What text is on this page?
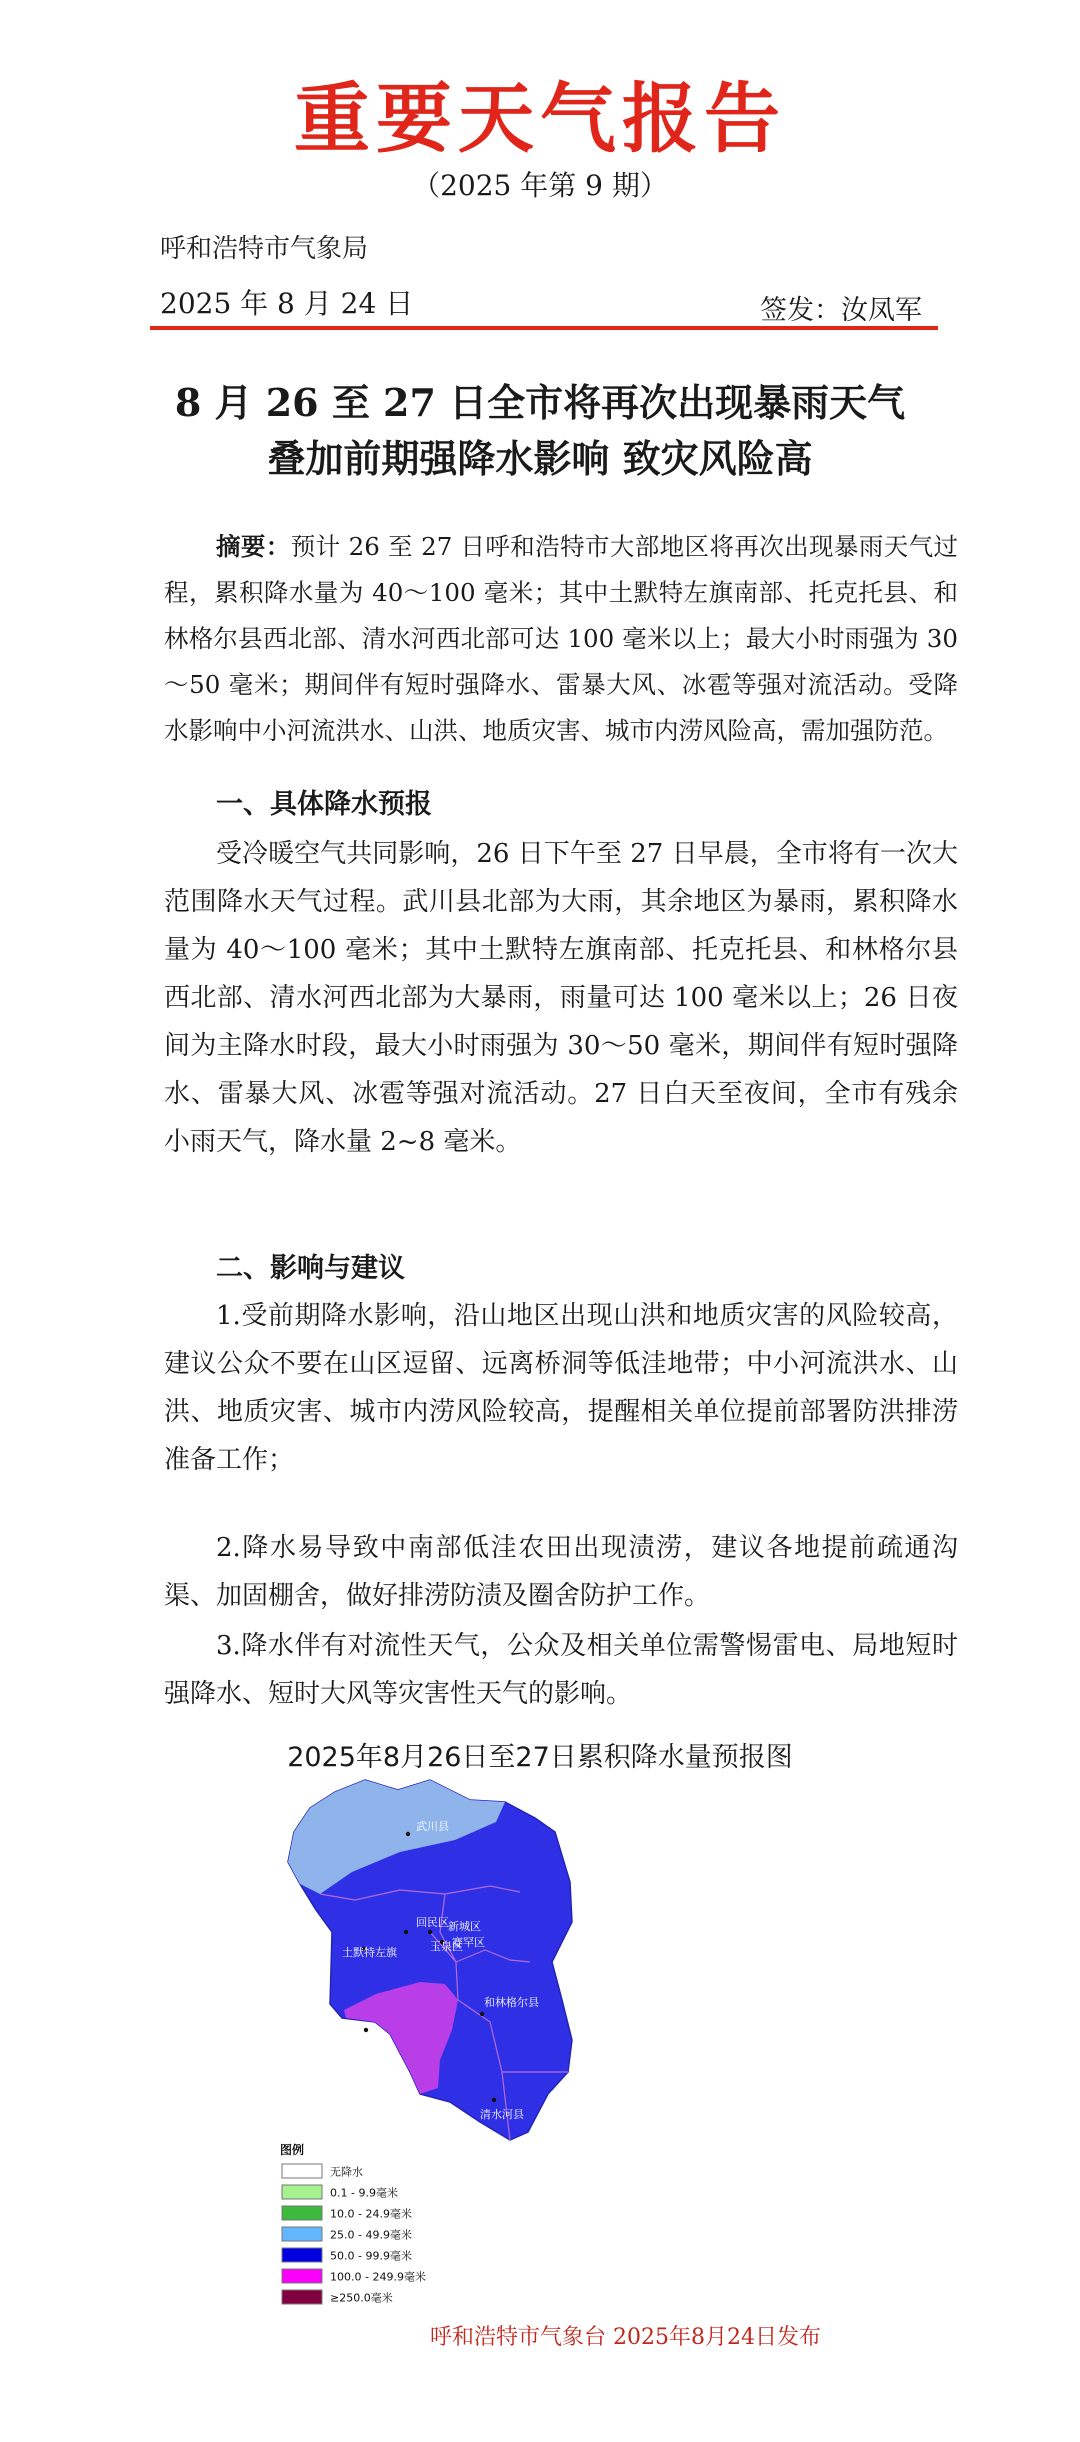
重要天气报告
（2025 年第 9 期）
呼和浩特市气象局
2025 年 8 月 24 日	签发：汝凤军
8 月 26 至 27 日全市将再次出现暴雨天气
叠加前期强降水影响 致灾风险高
摘要：预计 26 至 27 日呼和浩特市大部地区将再次出现暴雨天气过程，累积降水量为 40～100 毫米；其中土默特左旗南部、托克托县、和林格尔县西北部、清水河西北部可达 100 毫米以上；最大小时雨强为 30～50 毫米；期间伴有短时强降水、雷暴大风、冰雹等强对流活动。受降水影响中小河流洪水、山洪、地质灾害、城市内涝风险高，需加强防范。
一、具体降水预报
受冷暖空气共同影响，26 日下午至 27 日早晨，全市将有一次大范围降水天气过程。武川县北部为大雨，其余地区为暴雨，累积降水量为 40～100 毫米；其中土默特左旗南部、托克托县、和林格尔县西北部、清水河西北部为大暴雨，雨量可达 100 毫米以上；26 日夜间为主降水时段，最大小时雨强为 30～50 毫米，期间伴有短时强降水、雷暴大风、冰雹等强对流活动。27 日白天至夜间，全市有残余小雨天气，降水量 2~8 毫米。
二、影响与建议
1.受前期降水影响，沿山地区出现山洪和地质灾害的风险较高，建议公众不要在山区逗留、远离桥洞等低洼地带；中小河流洪水、山洪、地质灾害、城市内涝风险较高，提醒相关单位提前部署防洪排涝准备工作；
2.降水易导致中南部低洼农田出现渍涝，建议各地提前疏通沟渠、加固棚舍，做好排涝防渍及圈舍防护工作。
3.降水伴有对流性天气，公众及相关单位需警惕雷电、局地短时强降水、短时大风等灾害性天气的影响。
2025年8月26日至27日累积降水量预报图
武川县
回民区 新城区
玉泉区
赛罕区
土默特左旗
和林格尔县
托克托县
清水河县
图例
无降水
0.1 - 9.9毫米
10.0 - 24.9毫米
25.0 - 49.9毫米
50.0 - 99.9毫米
100.0 - 249.9毫米
≥250.0毫米
呼和浩特市气象台 2025年8月24日发布
